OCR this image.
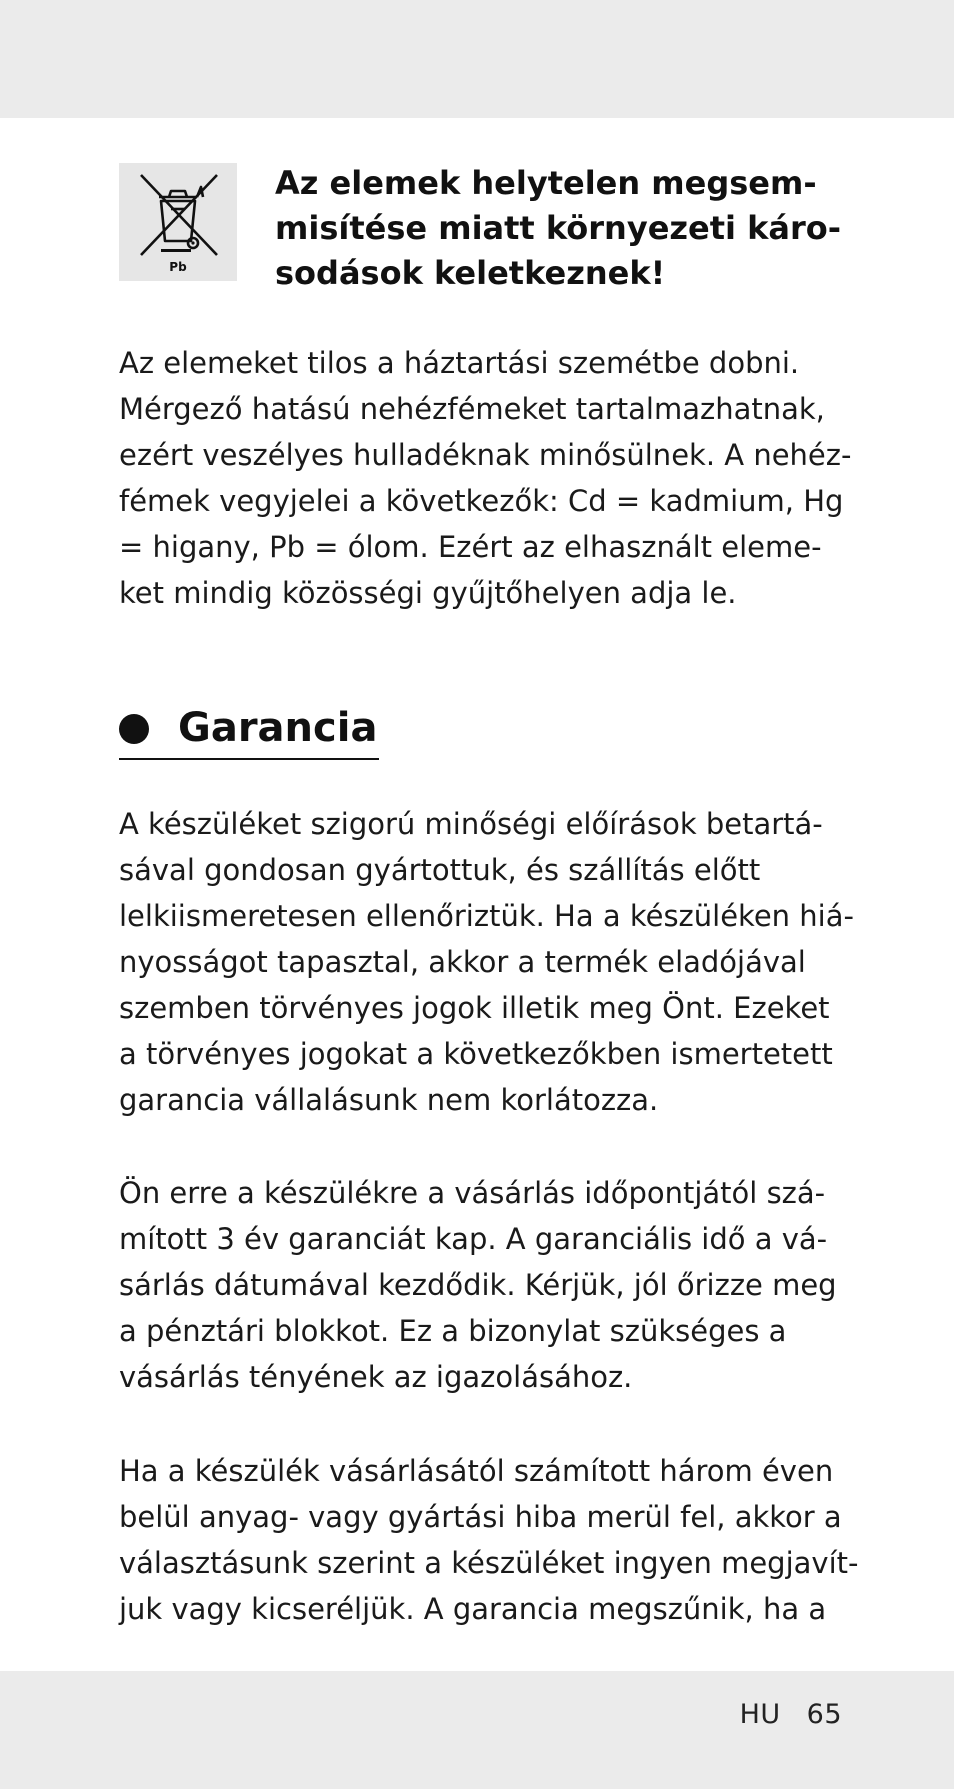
Pb
Az elemek helytelen megsem-
misítése miatt környezeti káro-
sodások keletkeznek!
Az elemeket tilos a háztartási szemétbe dobni.
Mérgező hatású nehézfémeket tartalmazhatnak,
ezért veszélyes hulladéknak minősülnek. A nehéz-
fémek vegyjelei a következők: Cd = kadmium, Hg
= higany, Pb = ólom. Ezért az elhasznált eleme-
ket mindig közösségi gyűjtőhelyen adja le.
Garancia
A készüléket szigorú minőségi előírások betartá-
sával gondosan gyártottuk, és szállítás előtt
lelkiismeretesen ellenőriztük. Ha a készüléken hiá-
nyosságot tapasztal, akkor a termék eladójával
szemben törvényes jogok illetik meg Önt. Ezeket
a törvényes jogokat a következőkben ismertetett
garancia vállalásunk nem korlátozza.
Ön erre a készülékre a vásárlás időpontjától szá-
mított 3 év garanciát kap. A garanciális idő a vá-
sárlás dátumával kezdődik. Kérjük, jól őrizze meg
a pénztári blokkot. Ez a bizonylat szükséges a
vásárlás tényének az igazolásához.
Ha a készülék vásárlásától számított három éven
belül anyag- vagy gyártási hiba merül fel, akkor a
választásunk szerint a készüléket ingyen megjavít-
juk vagy kicseréljük. A garancia megszűnik, ha a
HU 65
